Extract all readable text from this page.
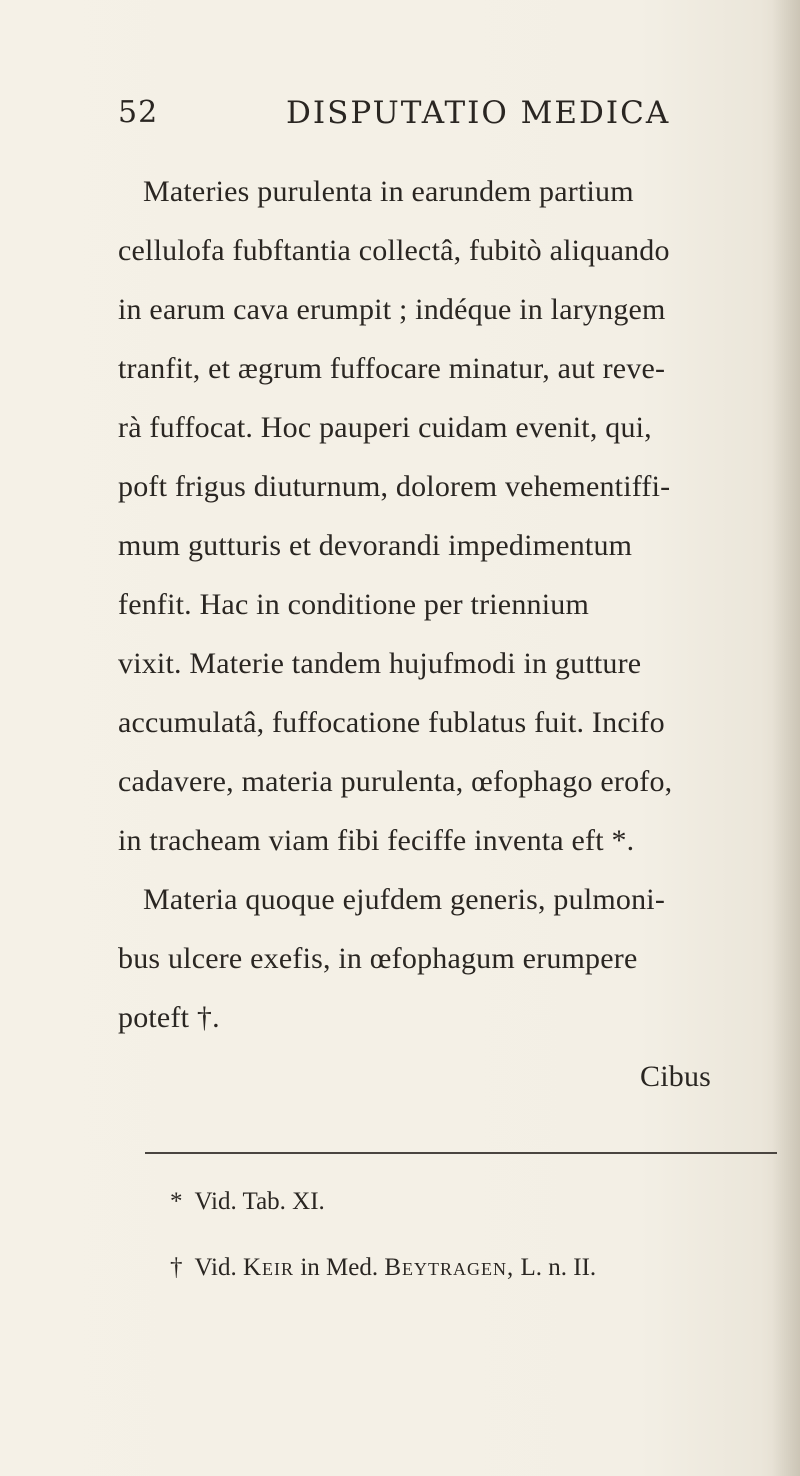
52	DISPUTATIO MEDICA
Materies purulenta in earundem partium
cellulofa fubftantia collectâ, fubitò aliquando
in earum cava erumpit ; indéque in laryngem
tranfit, et ægrum fuffocare minatur, aut reve-
rà fuffocat. Hoc pauperi cuidam evenit, qui,
poft frigus diuturnum, dolorem vehementiffi-
mum gutturis et devorandi impedimentum
fenfit. Hac in conditione per triennium
vixit. Materie tandem hujufmodi in gutture
accumulatâ, fuffocatione fublatus fuit. Incifo
cadavere, materia purulenta, œfophago erofo,
in tracheam viam fibi feciffe inventa eft *.
Materia quoque ejufdem generis, pulmoni-
bus ulcere exefis, in œfophagum erumpere
poteft †.
Cibus
* Vid. Tab. XI.
† Vid. Keir in Med. Beytragen, L. n. II.
